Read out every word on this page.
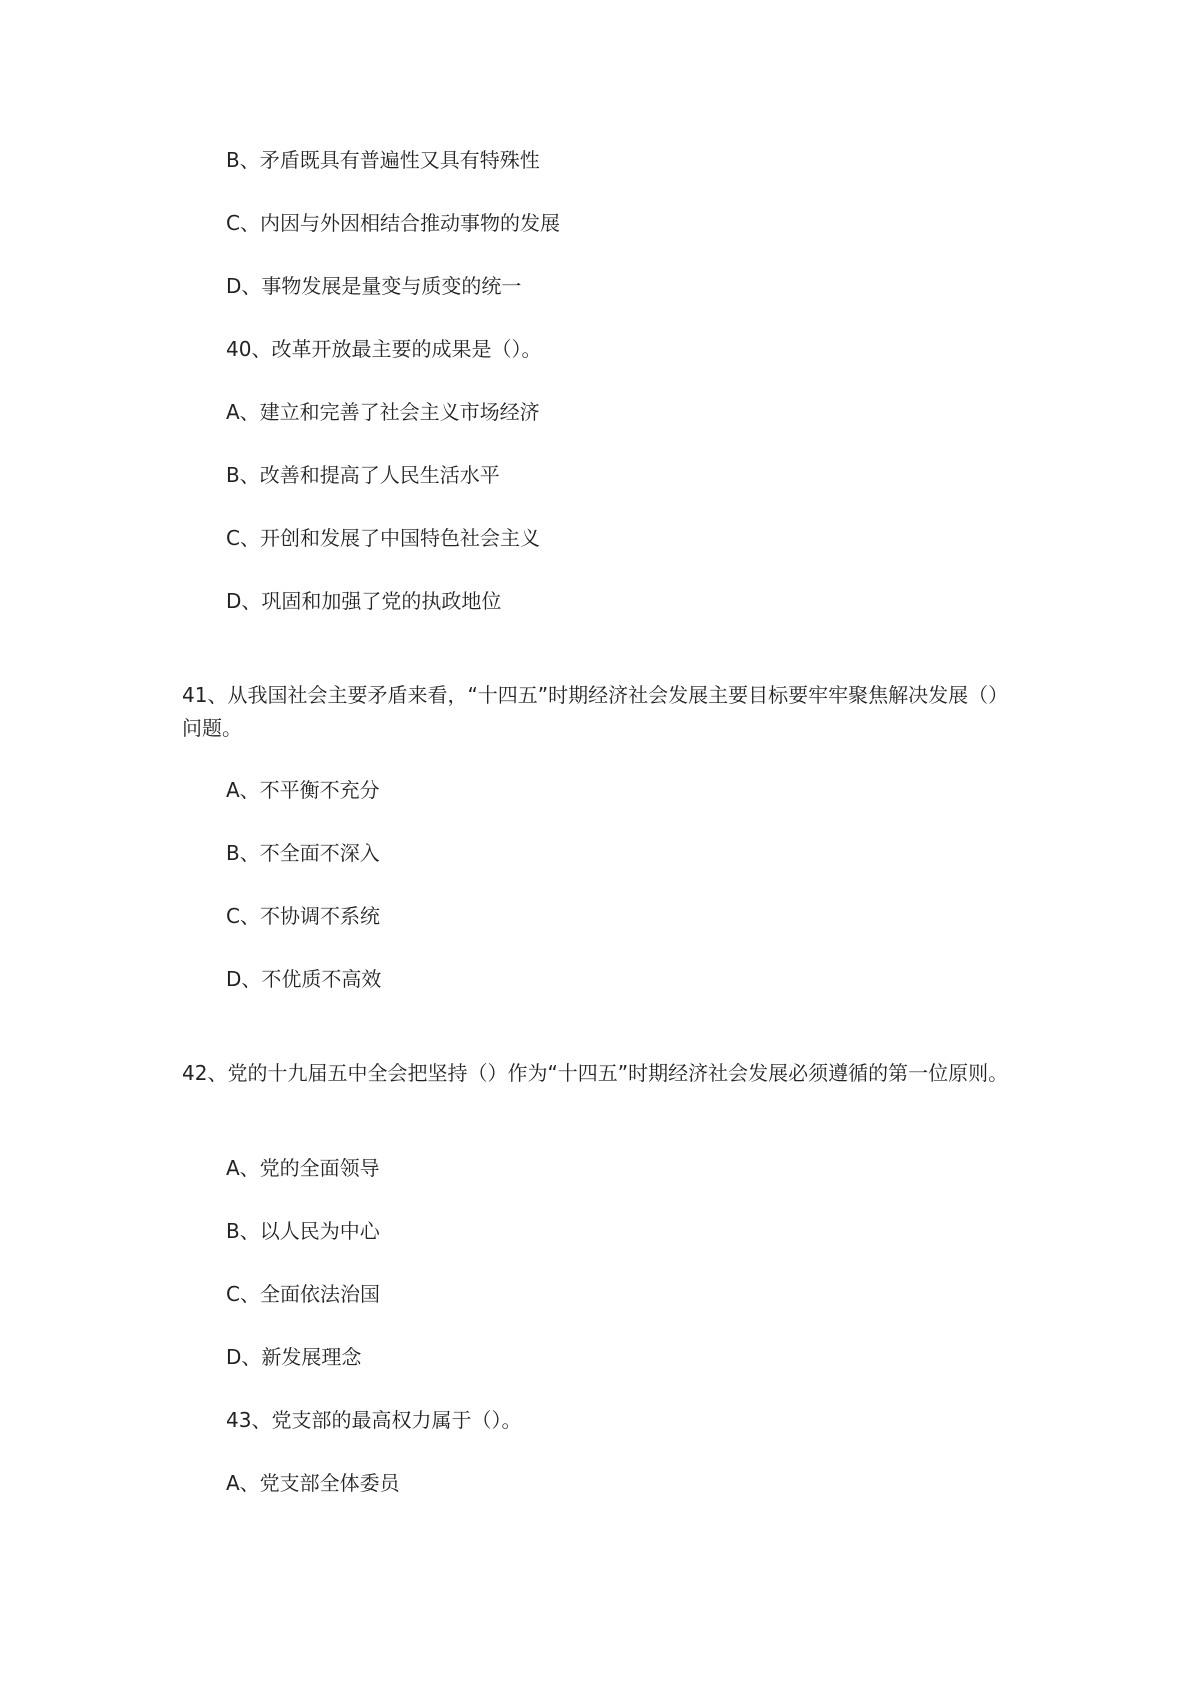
B、矛盾既具有普遍性又具有特殊性
C、内因与外因相结合推动事物的发展
D、事物发展是量变与质变的统一
40、改革开放最主要的成果是（）。
A、建立和完善了社会主义市场经济
B、改善和提高了人民生活水平
C、开创和发展了中国特色社会主义
D、巩固和加强了党的执政地位
41、从我国社会主要矛盾来看，“十四五”时期经济社会发展主要目标要牢牢聚焦解决发展（）问题。
A、不平衡不充分
B、不全面不深入
C、不协调不系统
D、不优质不高效
42、党的十九届五中全会把坚持（）作为“十四五”时期经济社会发展必须遵循的第一位原则。
A、党的全面领导
B、以人民为中心
C、全面依法治国
D、新发展理念
43、党支部的最高权力属于（）。
A、党支部全体委员
